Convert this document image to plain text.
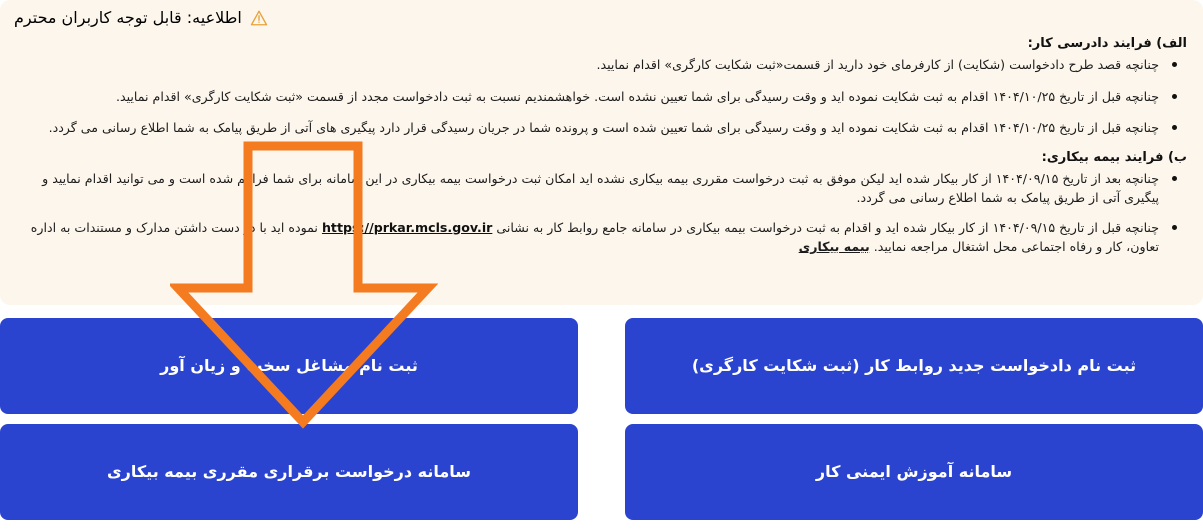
اطلاعیه: قابل توجه کاربران محترم
الف) فرایند دادرسی کار:
چنانچه قصد طرح دادخواست (شکایت) از کارفرمای خود دارید از قسمت«ثبت شکایت کارگری» اقدام نمایید.
چنانچه قبل از تاریخ ۱۴۰۴/۱۰/۲۵ اقدام به ثبت شکایت نموده اید و وقت رسیدگی برای شما تعیین نشده است. خواهشمندیم نسبت به ثبت دادخواست مجدد از قسمت «ثبت شکایت کارگری» اقدام نمایید.
چنانچه قبل از تاریخ ۱۴۰۴/۱۰/۲۵ اقدام به ثبت شکایت نموده اید و وقت رسیدگی برای شما تعیین شده است و پرونده شما در جریان رسیدگی قرار دارد پیگیری های آتی از طریق پیامک به شما اطلاع رسانی می گردد.
ب) فرایند بیمه بیکاری:
چنانچه بعد از تاریخ ۱۴۰۴/۰۹/۱۵ از کار بیکار شده اید لیکن موفق به ثبت درخواست مقرری بیمه بیکاری نشده اید امکان ثبت درخواست بیمه بیکاری در این سامانه برای شما فراهم شده است و می توانید اقدام نمایید و پیگیری آتی از طریق پیامک به شما اطلاع رسانی می گردد.
چنانچه قبل از تاریخ ۱۴۰۴/۰۹/۱۵ از کار بیکار شده اید و اقدام به ثبت درخواست بیمه بیکاری در سامانه جامع روابط کار به نشانی https://prkar.mcls.gov.ir نموده اید با در دست داشتن مدارک و مستندات به اداره تعاون، کار و رفاه اجتماعی محل اشتغال مراجعه نمایید. بیمه بیکاری
ثبت نام دادخواست جدید روابط کار (ثبت شکایت کارگری)
ثبت نام مشاغل سخت و زیان آور
سامانه آموزش ایمنی کار
سامانه درخواست برقراری مقرری بیمه بیکاری
